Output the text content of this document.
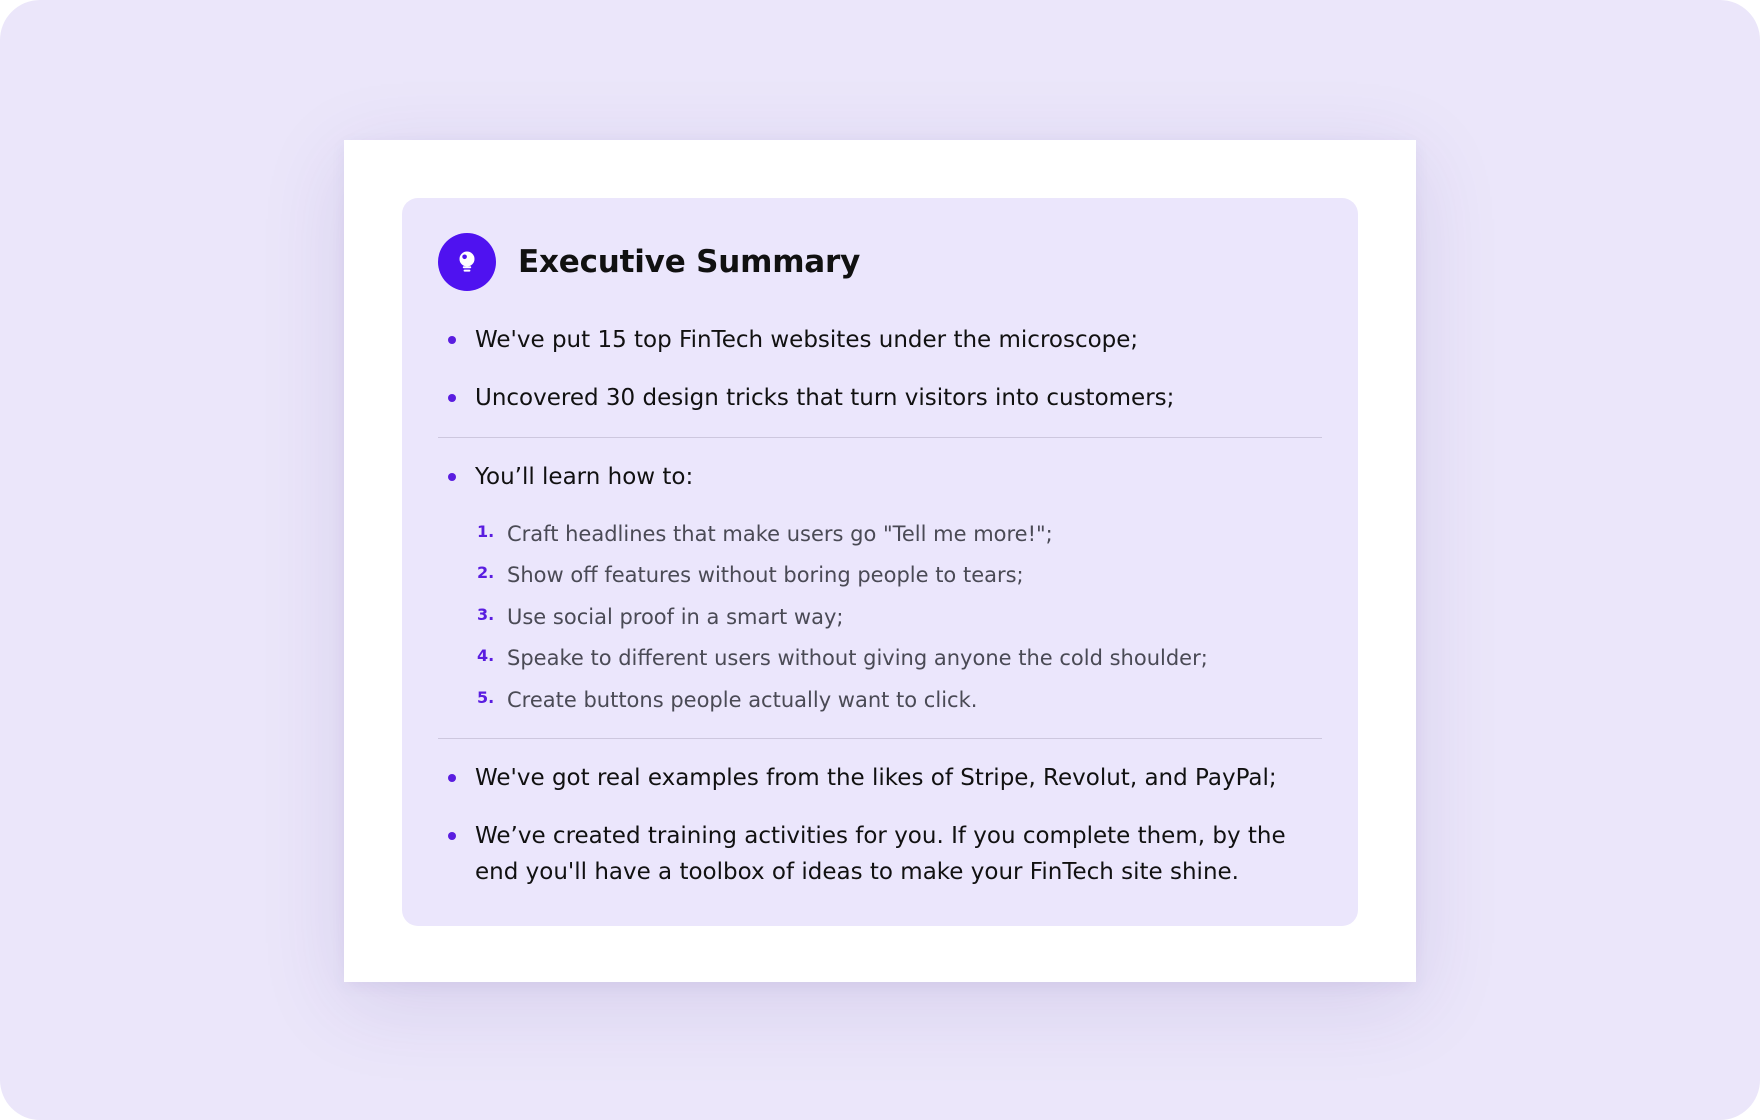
Executive Summary
We've put 15 top FinTech websites under the microscope;
Uncovered 30 design tricks that turn visitors into customers;
You’ll learn how to:
1. Craft headlines that make users go "Tell me more!";
2. Show off features without boring people to tears;
3. Use social proof in a smart way;
4. Speake to different users without giving anyone the cold shoulder;
5. Create buttons people actually want to click.
We've got real examples from the likes of Stripe, Revolut, and PayPal;
We’ve created training activities for you. If you complete them, by the end you'll have a toolbox of ideas to make your FinTech site shine.
